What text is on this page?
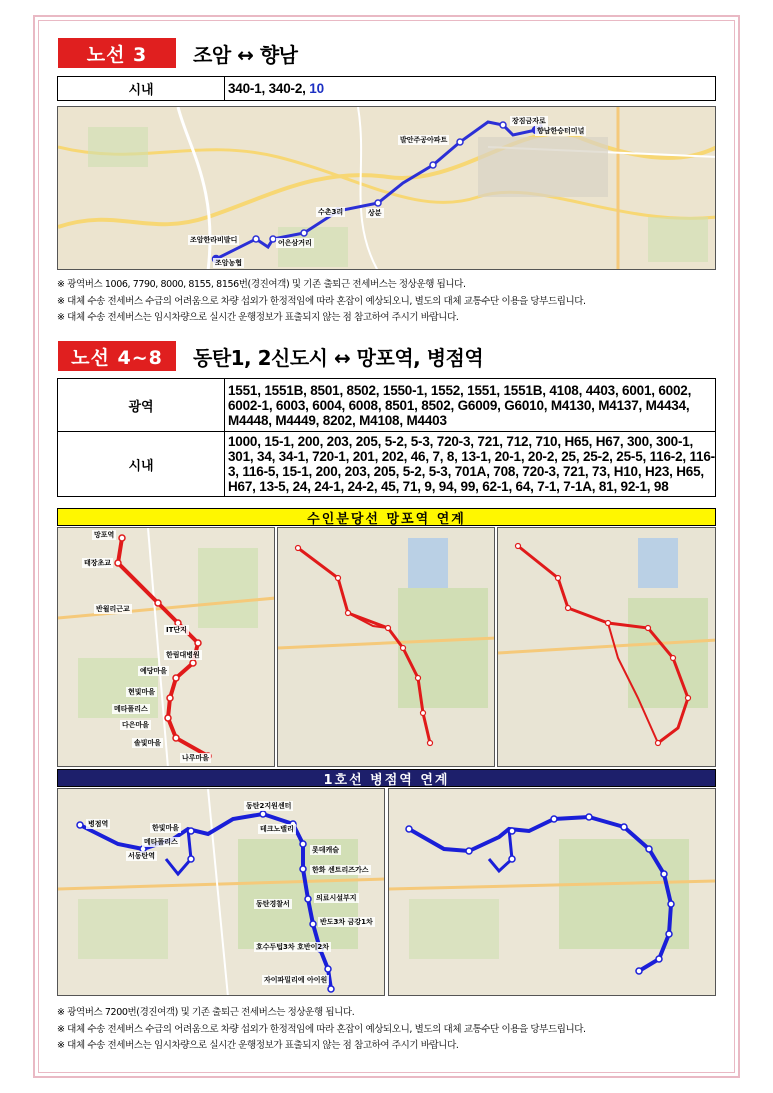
노선 3	조암 ↔ 향남
시내	340-1, 340-2, 10
장짐금자로
향남한승터미널
발안주공아파트
상분
수촌3리
조암한라비발디	어은삼거리
조암농협
※ 광역버스 1006, 7790, 8000, 8155, 8156번(경진여객) 및 기존 출퇴근 전세버스는 정상운행 됩니다.
※ 대체 수송 전세버스 수급의 어려움으로 차량 섭외가 한정적임에 따라 혼잡이 예상되오니, 별도의 대체 교통수단 이용을 당부드립니다.
※ 대체 수송 전세버스는 임시차량으로 실시간 운행정보가 표출되지 않는 점 참고하여 주시기 바랍니다.
노선 4~8	동탄1, 2신도시 ↔ 망포역, 병점역
광역	1551, 1551B, 8501, 8502, 1550-1, 1552, 1551, 1551B, 4108, 4403, 6001, 6002, 6002-1, 6003, 6004, 6008, 8501, 8502, G6009, G6010, M4130, M4137, M4434, M4448, M4449, 8202, M4108, M4403
시내	1000, 15-1, 200, 203, 205, 5-2, 5-3, 720-3, 721, 712, 710, H65, H67, 300, 300-1, 301, 34, 34-1, 720-1, 201, 202, 46, 7, 8, 13-1, 20-1, 20-2, 25, 25-2, 25-5, 116-2, 116-3, 116-5, 15-1, 200, 203, 205, 5-2, 5-3, 701A, 708, 720-3, 721, 73, H10, H23, H65, H67, 13-5, 24, 24-1, 24-2, 45, 71, 9, 94, 99, 62-1, 64, 7-1, 7-1A, 81, 92-1, 98
수인분당선 망포역 연계
망포역
태장초교
반월리근교
IT단지
한림대병원
예당마을
현빛마을
메타폴리스
다은마을
솔빛마을
나루마을
1호선 병점역 연계
병점역	한빛마을
메타폴리스
서동탄역
동탄2지원센터
테크노밸리
롯데캐슬
한화 센트리즈가스
의료시설부지
반도3차 금강1차
동탄경찰서
호수두텁3차 호반이2차
자이파밀리에 아이원
※ 광역버스 7200번(경진여객) 및 기존 출퇴근 전세버스는 정상운행 됩니다.
※ 대체 수송 전세버스 수급의 어려움으로 차량 섭외가 한정적임에 따라 혼잡이 예상되오니, 별도의 대체 교통수단 이용을 당부드립니다.
※ 대체 수송 전세버스는 임시차량으로 실시간 운행정보가 표출되지 않는 점 참고하여 주시기 바랍니다.
